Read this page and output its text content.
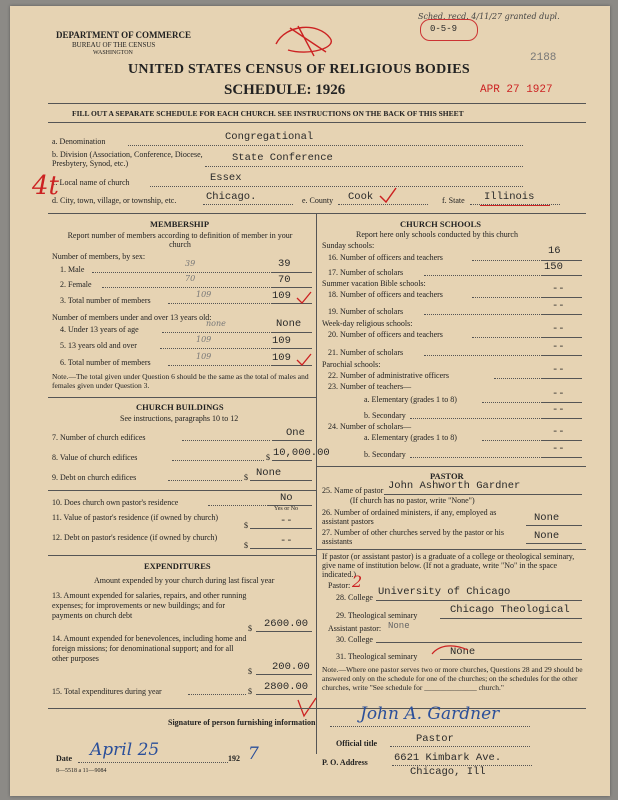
DEPARTMENT OF COMMERCE
BUREAU OF THE CENSUS
WASHINGTON
Sched. recd. 4/11/27 granted dupl.
0-5-9
2188
UNITED STATES CENSUS OF RELIGIOUS BODIES
SCHEDULE: 1926	APR 27 1927
FILL OUT A SEPARATE SCHEDULE FOR EACH CHURCH. SEE INSTRUCTIONS ON THE BACK OF THIS SHEET
a. Denomination	Congregational
b. Division (Association, Conference, Diocese, Presbytery, Synod, etc.)	State Conference
c. Local name of church	Essex
4t
d. City, town, village, or township, etc.	Chicago.	e. County Cook	f. State Illinois
MEMBERSHIP
Report number of members according to definition of member in your church
Number of members, by sex:
1. Male
39	39
2. Female
70	70
3. Total number of members
109	109
Number of members under and over 13 years old:
4. Under 13 years of age
none	None
5. 13 years old and over
109	109
6. Total number of members
109	109
Note.—The total given under Question 6 should be the same as the total of males and females given under Question 3.
CHURCH BUILDINGS
See instructions, paragraphs 10 to 12
7. Number of church edifices	One
8. Value of church edifices	$ 10,000.00
9. Debt on church edifices	$ None
10. Does church own pastor's residence	No
Yes or No
11. Value of pastor's residence (if owned by church)
$	--
12. Debt on pastor's residence (if owned by church)
$	--
EXPENDITURES
Amount expended by your church during last fiscal year
13. Amount expended for salaries, repairs, and other running expenses; for improvements or new buildings; and for payments on church debt
$ 2600.00
14. Amount expended for benevolences, including home and foreign missions; for denominational support; and for all other purposes
$ 200.00
15. Total expenditures during year	$ 2800.00
CHURCH SCHOOLS
Report here only schools conducted by this church
Sunday schools:
16. Number of officers and teachers
16
17. Number of scholars	150
Summer vacation Bible schools:
18. Number of officers and teachers	--
19. Number of scholars	--
Week-day religious schools:
20. Number of officers and teachers	--
21. Number of scholars	--
Parochial schools:
22. Number of administrative officers	--
23. Number of teachers—
a. Elementary (grades 1 to 8)	--
b. Secondary	--
24. Number of scholars—
a. Elementary (grades 1 to 8)	--
b. Secondary	--
PASTOR
25. Name of pastor John Ashworth Gardner
(If church has no pastor, write "None")
26. Number of ordained ministers, if any, employed as assistant pastors	None
27. Number of other churches served by the pastor or his assistants	None
If pastor (or assistant pastor) is a graduate of a college or theological seminary, give name of institution below. (If not a graduate, write "No" in the space indicated.)
Pastor: 2
28. College University of Chicago
29. Theological seminary	Chicago Theological
Assistant pastor: None
30. College
31. Theological seminary	None
Note.—Where one pastor serves two or more churches, Questions 28 and 29 should be answered only on the schedule for one of the churches; on the schedules for the other churches, write "See schedule for ______________ church."
Signature of person furnishing information	John A. Gardner
Official title	Pastor
Date April 25	192 7	P. O. Address 6621 Kimbark Ave.
Chicago, Ill
8—5518 a 11—9084
